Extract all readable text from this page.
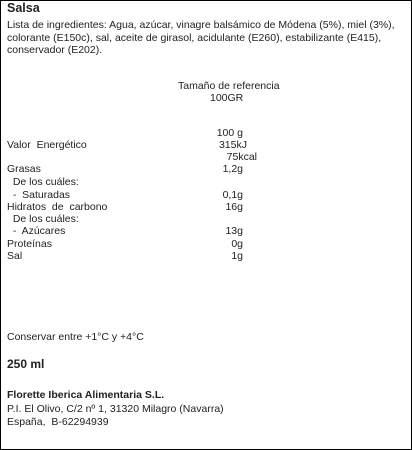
Salsa
Lista de ingredientes: Agua, azúcar, vinagre balsámico de Módena (5%), miel (3%), colorante (E150c), sal, aceite de girasol, acidulante (E260), estabilizante (E415), conservador (E202).
Tamaño de referencia
100GR
100 g
Valor  Energético	315kJ
75kcal
Grasas	1,2g
De los cuáles:
-  Saturadas	0,1g
Hidratos  de  carbono	16g
De los cuáles:
-  Azúcares	13g
Proteínas	0g
Sal	1g
Conservar entre +1°C y +4°C
250 ml
Florette Iberica Alimentaria S.L.
P.I. El Olivo, C/2 nº 1, 31320 Milagro (Navarra)
España,  B-62294939
